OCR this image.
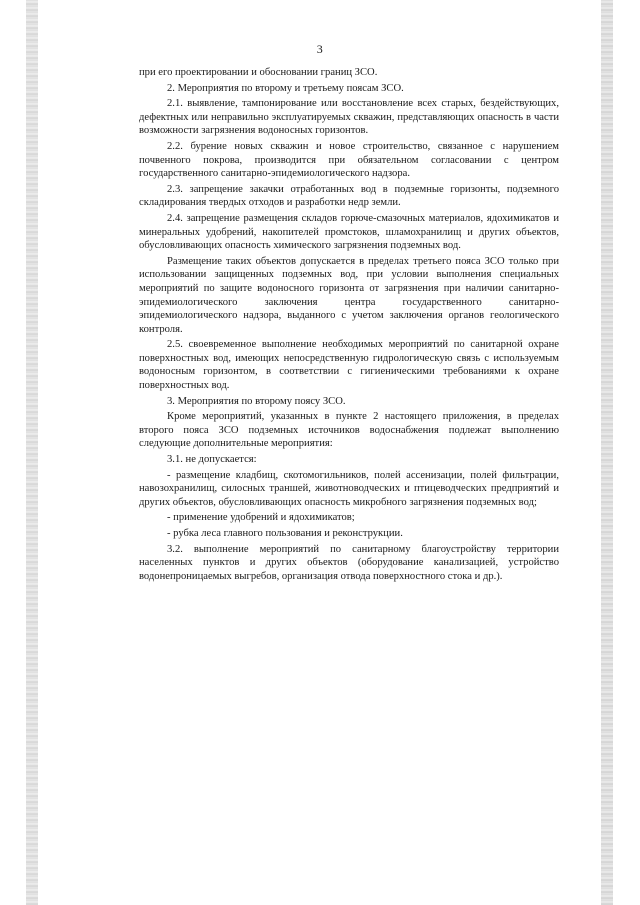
3

при его проектировании и обосновании границ ЗСО.

2. Мероприятия по второму и третьему поясам ЗСО.

2.1. выявление, тампонирование или восстановление всех старых, бездействующих, дефектных или неправильно эксплуатируемых скважин, представляющих опасность в части возможности загрязнения водоносных горизонтов.

2.2. бурение новых скважин и новое строительство, связанное с нарушением почвенного покрова, производится при обязательном согласовании с центром государственного санитарно-эпидемиологического надзора.

2.3. запрещение закачки отработанных вод в подземные горизонты, подземного складирования твердых отходов и разработки недр земли.

2.4. запрещение размещения складов горюче-смазочных материалов, ядохимикатов и минеральных удобрений, накопителей промстоков, шламохранилищ и других объектов, обусловливающих опасность химического загрязнения подземных вод.

Размещение таких объектов допускается в пределах третьего пояса ЗСО только при использовании защищенных подземных вод, при условии выполнения специальных мероприятий по защите водоносного горизонта от загрязнения при наличии санитарно-эпидемиологического заключения центра государственного санитарно-эпидемиологического надзора, выданного с учетом заключения органов геологического контроля.

2.5. своевременное выполнение необходимых мероприятий по санитарной охране поверхностных вод, имеющих непосредственную гидрологическую связь с используемым водоносным горизонтом, в соответствии с гигиеническими требованиями к охране поверхностных вод.

3. Мероприятия по второму поясу ЗСО.

Кроме мероприятий, указанных в пункте 2 настоящего приложения, в пределах второго пояса ЗСО подземных источников водоснабжения подлежат выполнению следующие дополнительные мероприятия:

3.1. не допускается:

- размещение кладбищ, скотомогильников, полей ассенизации, полей фильтрации, навозохранилищ, силосных траншей, животноводческих и птицеводческих предприятий и других объектов, обусловливающих опасность микробного загрязнения подземных вод;

- применение удобрений и ядохимикатов;

- рубка леса главного пользования и реконструкции.

3.2. выполнение мероприятий по санитарному благоустройству территории населенных пунктов и других объектов (оборудование канализацией, устройство водонепроницаемых выгребов, организация отвода поверхностного стока и др.).
